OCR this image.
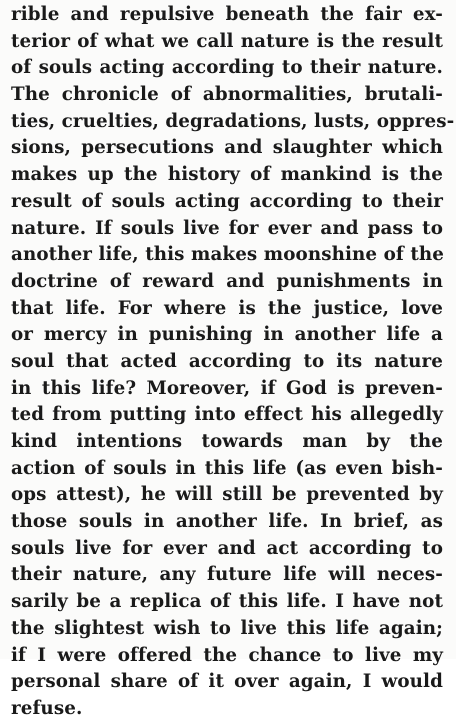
rible and repulsive beneath the fair ex-
terior of what we call nature is the result
of souls acting according to their nature.
The chronicle of abnormalities, brutali-
ties, cruelties, degradations, lusts, oppres-
sions, persecutions and slaughter which
makes up the history of mankind is the
result of souls acting according to their
nature. If souls live for ever and pass to
another life, this makes moonshine of the
doctrine of reward and punishments in
that life. For where is the justice, love
or mercy in punishing in another life a
soul that acted according to its nature
in this life? Moreover, if God is preven-
ted from putting into effect his allegedly
kind intentions towards man by the
action of souls in this life (as even bish-
ops attest), he will still be prevented by
those souls in another life. In brief, as
souls live for ever and act according to
their nature, any future life will neces-
sarily be a replica of this life. I have not
the slightest wish to live this life again;
if I were offered the chance to live my
personal share of it over again, I would
refuse.
